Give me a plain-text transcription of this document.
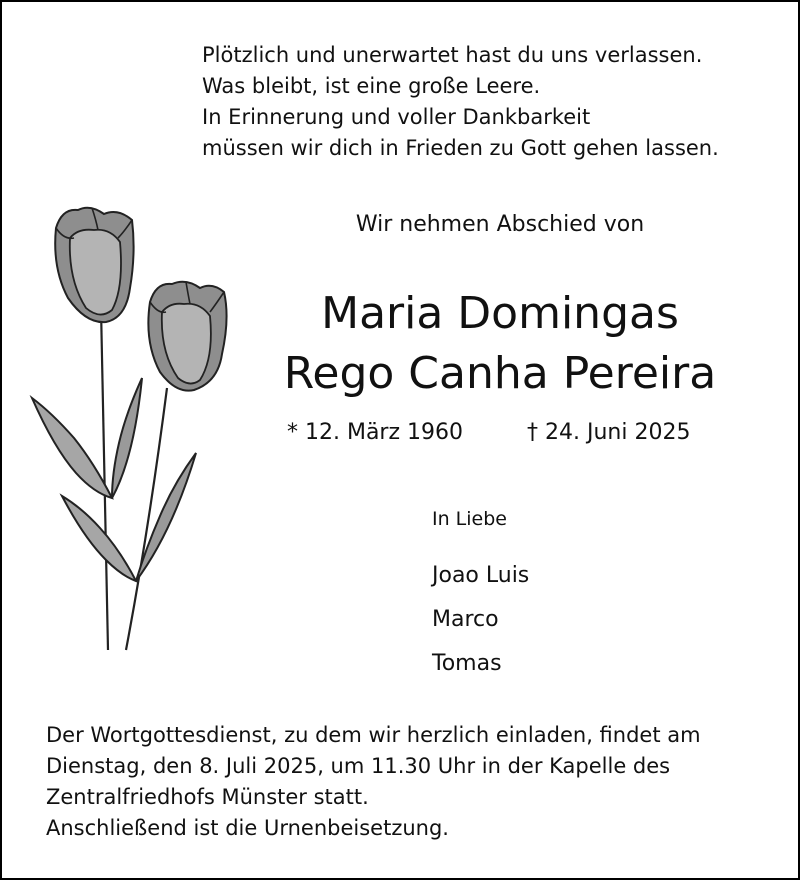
Plötzlich und unerwartet hast du uns verlassen.
Was bleibt, ist eine große Leere.
In Erinnerung und voller Dankbarkeit
müssen wir dich in Frieden zu Gott gehen lassen.
Wir nehmen Abschied von
Maria Domingas
Rego Canha Pereira
* 12. März 1960	† 24. Juni 2025
In Liebe
Joao Luis
Marco
Tomas
Der Wortgottesdienst, zu dem wir herzlich einladen, findet am
Dienstag, den 8. Juli 2025, um 11.30 Uhr in der Kapelle des
Zentralfriedhofs Münster statt.
Anschließend ist die Urnenbeisetzung.
